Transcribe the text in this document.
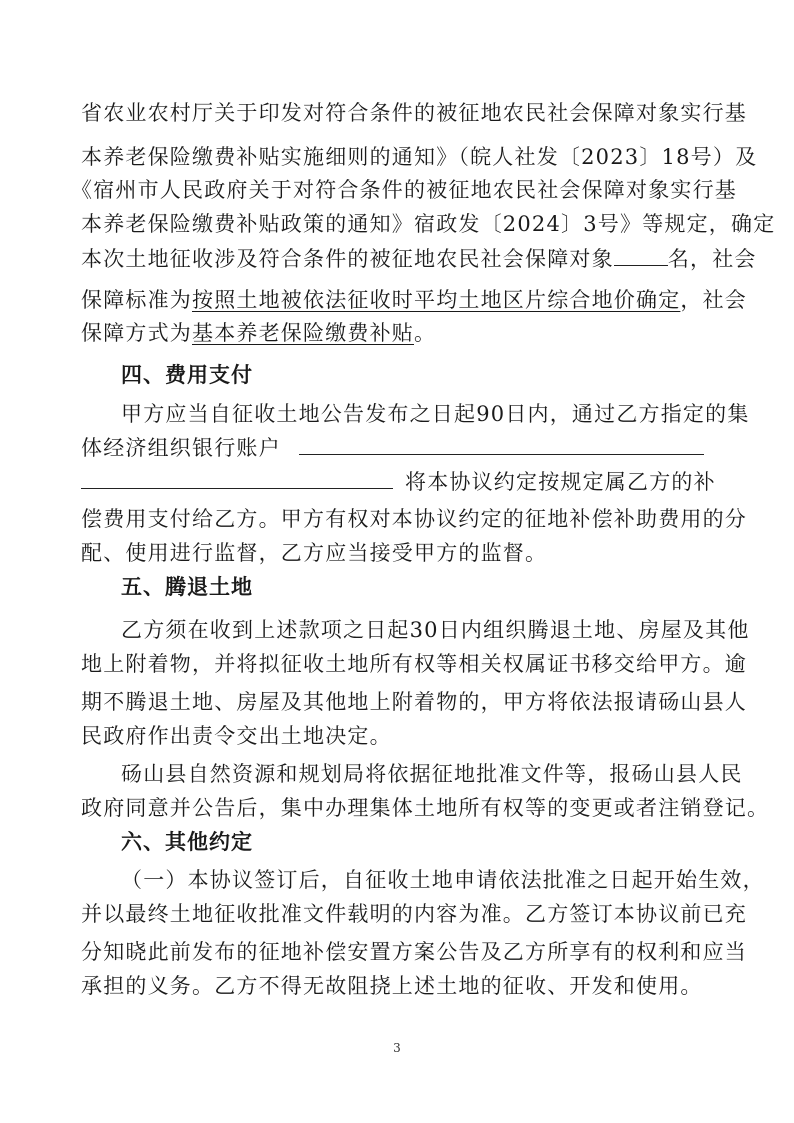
省农业农村厅关于印发对符合条件的被征地农民社会保障对象实行基
本养老保险缴费补贴实施细则的通知》（皖人社发〔2023〕18号）及
《宿州市人民政府关于对符合条件的被征地农民社会保障对象实行基
本养老保险缴费补贴政策的通知》宿政发〔2024〕3号》等规定，确定
本次土地征收涉及符合条件的被征地农民社会保障对象	名，社会
保障标准为按照土地被依法征收时平均土地区片综合地价确定，社会
保障方式为基本养老保险缴费补贴。
四、费用支付
甲方应当自征收土地公告发布之日起90日内，通过乙方指定的集
体经济组织银行账户
将本协议约定按规定属乙方的补
偿费用支付给乙方。甲方有权对本协议约定的征地补偿补助费用的分
配、使用进行监督，乙方应当接受甲方的监督。
五、腾退土地
乙方须在收到上述款项之日起30日内组织腾退土地、房屋及其他
地上附着物，并将拟征收土地所有权等相关权属证书移交给甲方。逾
期不腾退土地、房屋及其他地上附着物的，甲方将依法报请砀山县人
民政府作出责令交出土地决定。
砀山县自然资源和规划局将依据征地批准文件等，报砀山县人民
政府同意并公告后，集中办理集体土地所有权等的变更或者注销登记。
六、其他约定
（一）本协议签订后，自征收土地申请依法批准之日起开始生效，
并以最终土地征收批准文件载明的内容为准。乙方签订本协议前已充
分知晓此前发布的征地补偿安置方案公告及乙方所享有的权利和应当
承担的义务。乙方不得无故阻挠上述土地的征收、开发和使用。
3
